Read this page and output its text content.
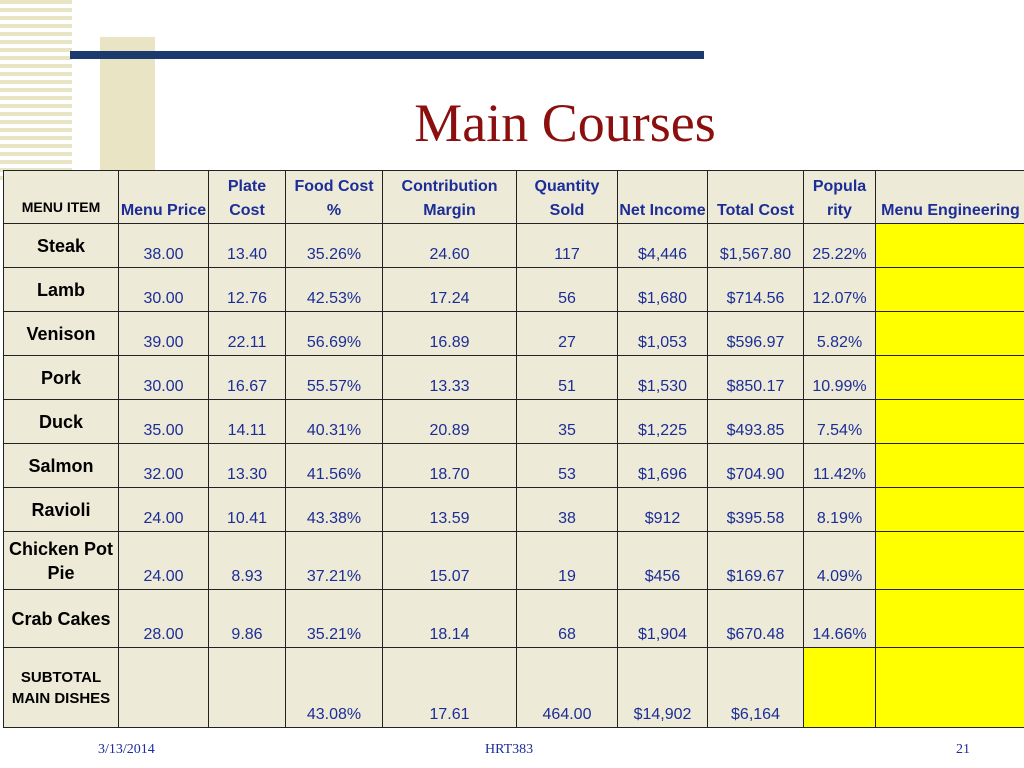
Main Courses
MENU ITEM	Menu Price	Plate Cost	Food Cost %	Contribution Margin	Quantity Sold	Net Income	Total Cost	Popula rity	Menu Engineering
Steak	38.00	13.40	35.26%	24.60	117	$4,446	$1,567.80	25.22%	
Lamb	30.00	12.76	42.53%	17.24	56	$1,680	$714.56	12.07%	
Venison	39.00	22.11	56.69%	16.89	27	$1,053	$596.97	5.82%	
Pork	30.00	16.67	55.57%	13.33	51	$1,530	$850.17	10.99%	
Duck	35.00	14.11	40.31%	20.89	35	$1,225	$493.85	7.54%	
Salmon	32.00	13.30	41.56%	18.70	53	$1,696	$704.90	11.42%	
Ravioli	24.00	10.41	43.38%	13.59	38	$912	$395.58	8.19%	
Chicken Pot Pie	24.00	8.93	37.21%	15.07	19	$456	$169.67	4.09%	
Crab Cakes	28.00	9.86	35.21%	18.14	68	$1,904	$670.48	14.66%	
SUBTOTAL MAIN DISHES			43.08%	17.61	464.00	$14,902	$6,164		
3/13/2014	HRT383	21
